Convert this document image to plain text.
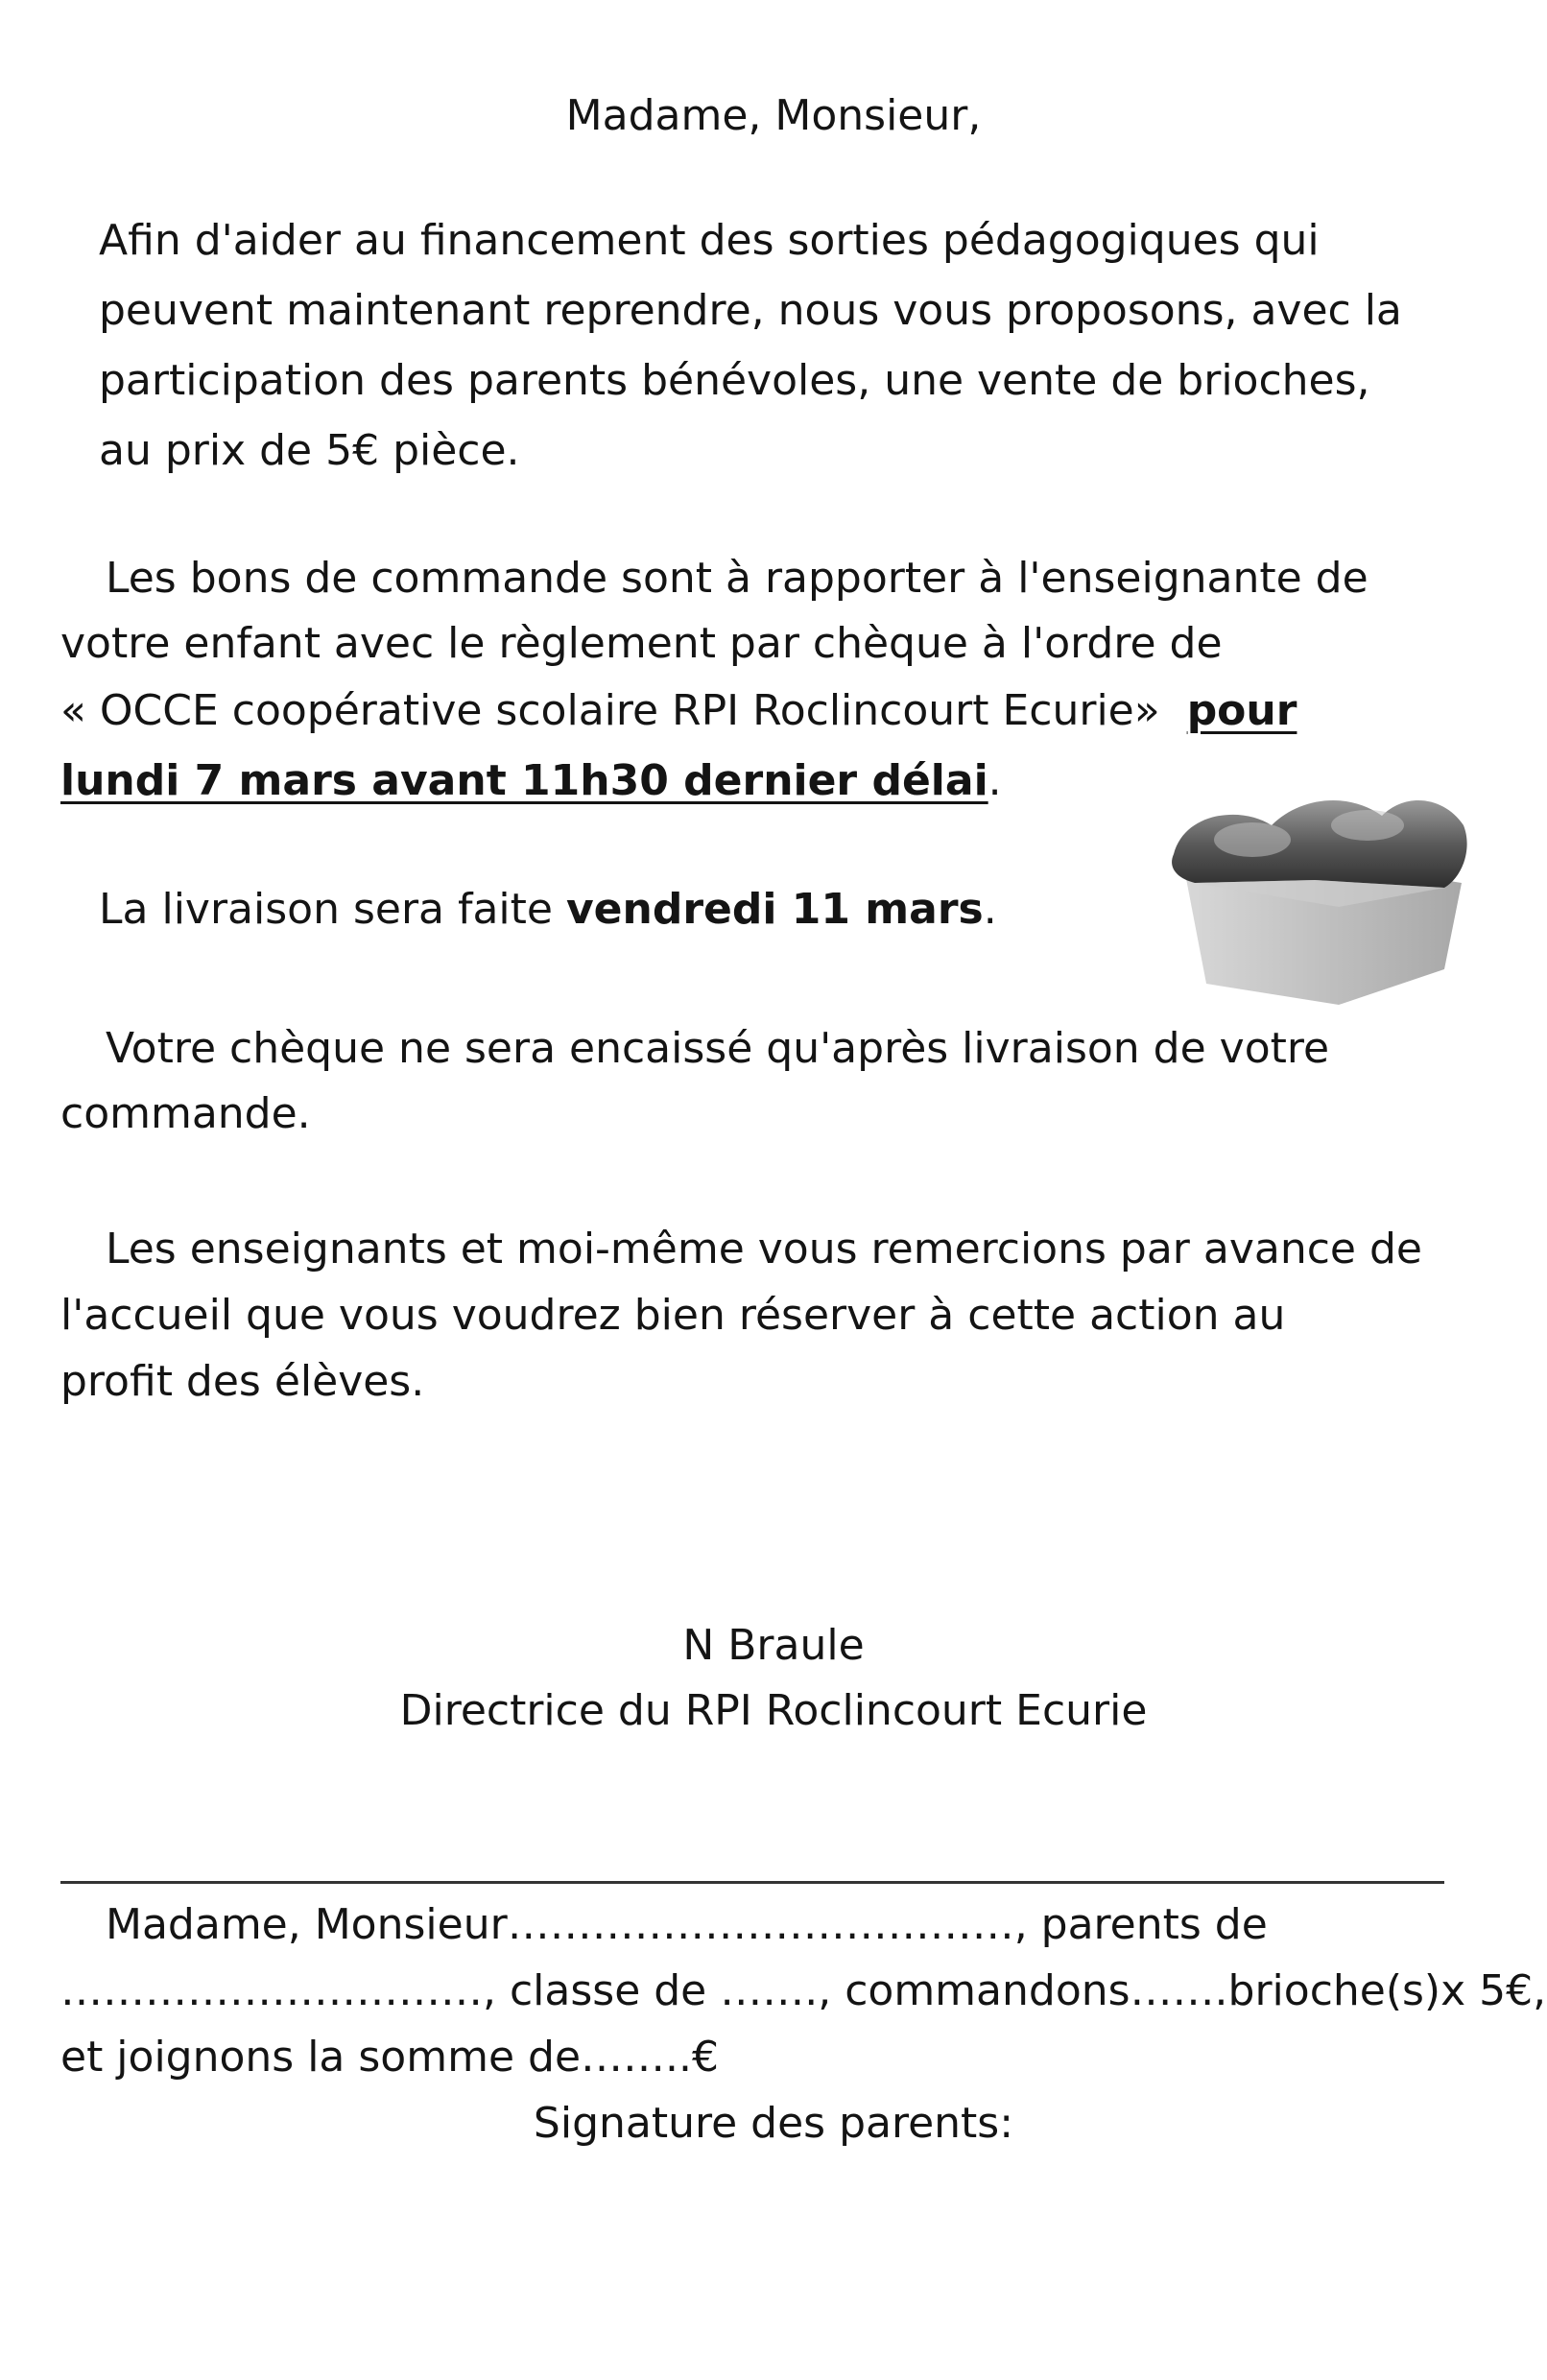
Madame, Monsieur,
Afin d'aider au financement des sorties pédagogiques qui
peuvent maintenant reprendre, nous vous proposons, avec la
participation des parents bénévoles, une vente de brioches,
au prix de 5€ pièce.
Les bons de commande sont à rapporter à l'enseignante de
votre enfant avec le règlement par chèque à l'ordre de
« OCCE coopérative scolaire RPI Roclincourt Ecurie» pour
lundi 7 mars avant 11h30 dernier délai.
La livraison sera faite vendredi 11 mars.
Votre chèque ne sera encaissé qu'après livraison de votre
commande.
Les enseignants et moi-même vous remercions par avance de
l'accueil que vous voudrez bien réserver à cette action au
profit des élèves.
N Braule
Directrice du RPI Roclincourt Ecurie
Madame, Monsieur………………………………, parents de
…………………………, classe de ……., commandons…….brioche(s)x 5€,
et joignons la somme de……..€
Signature des parents:
